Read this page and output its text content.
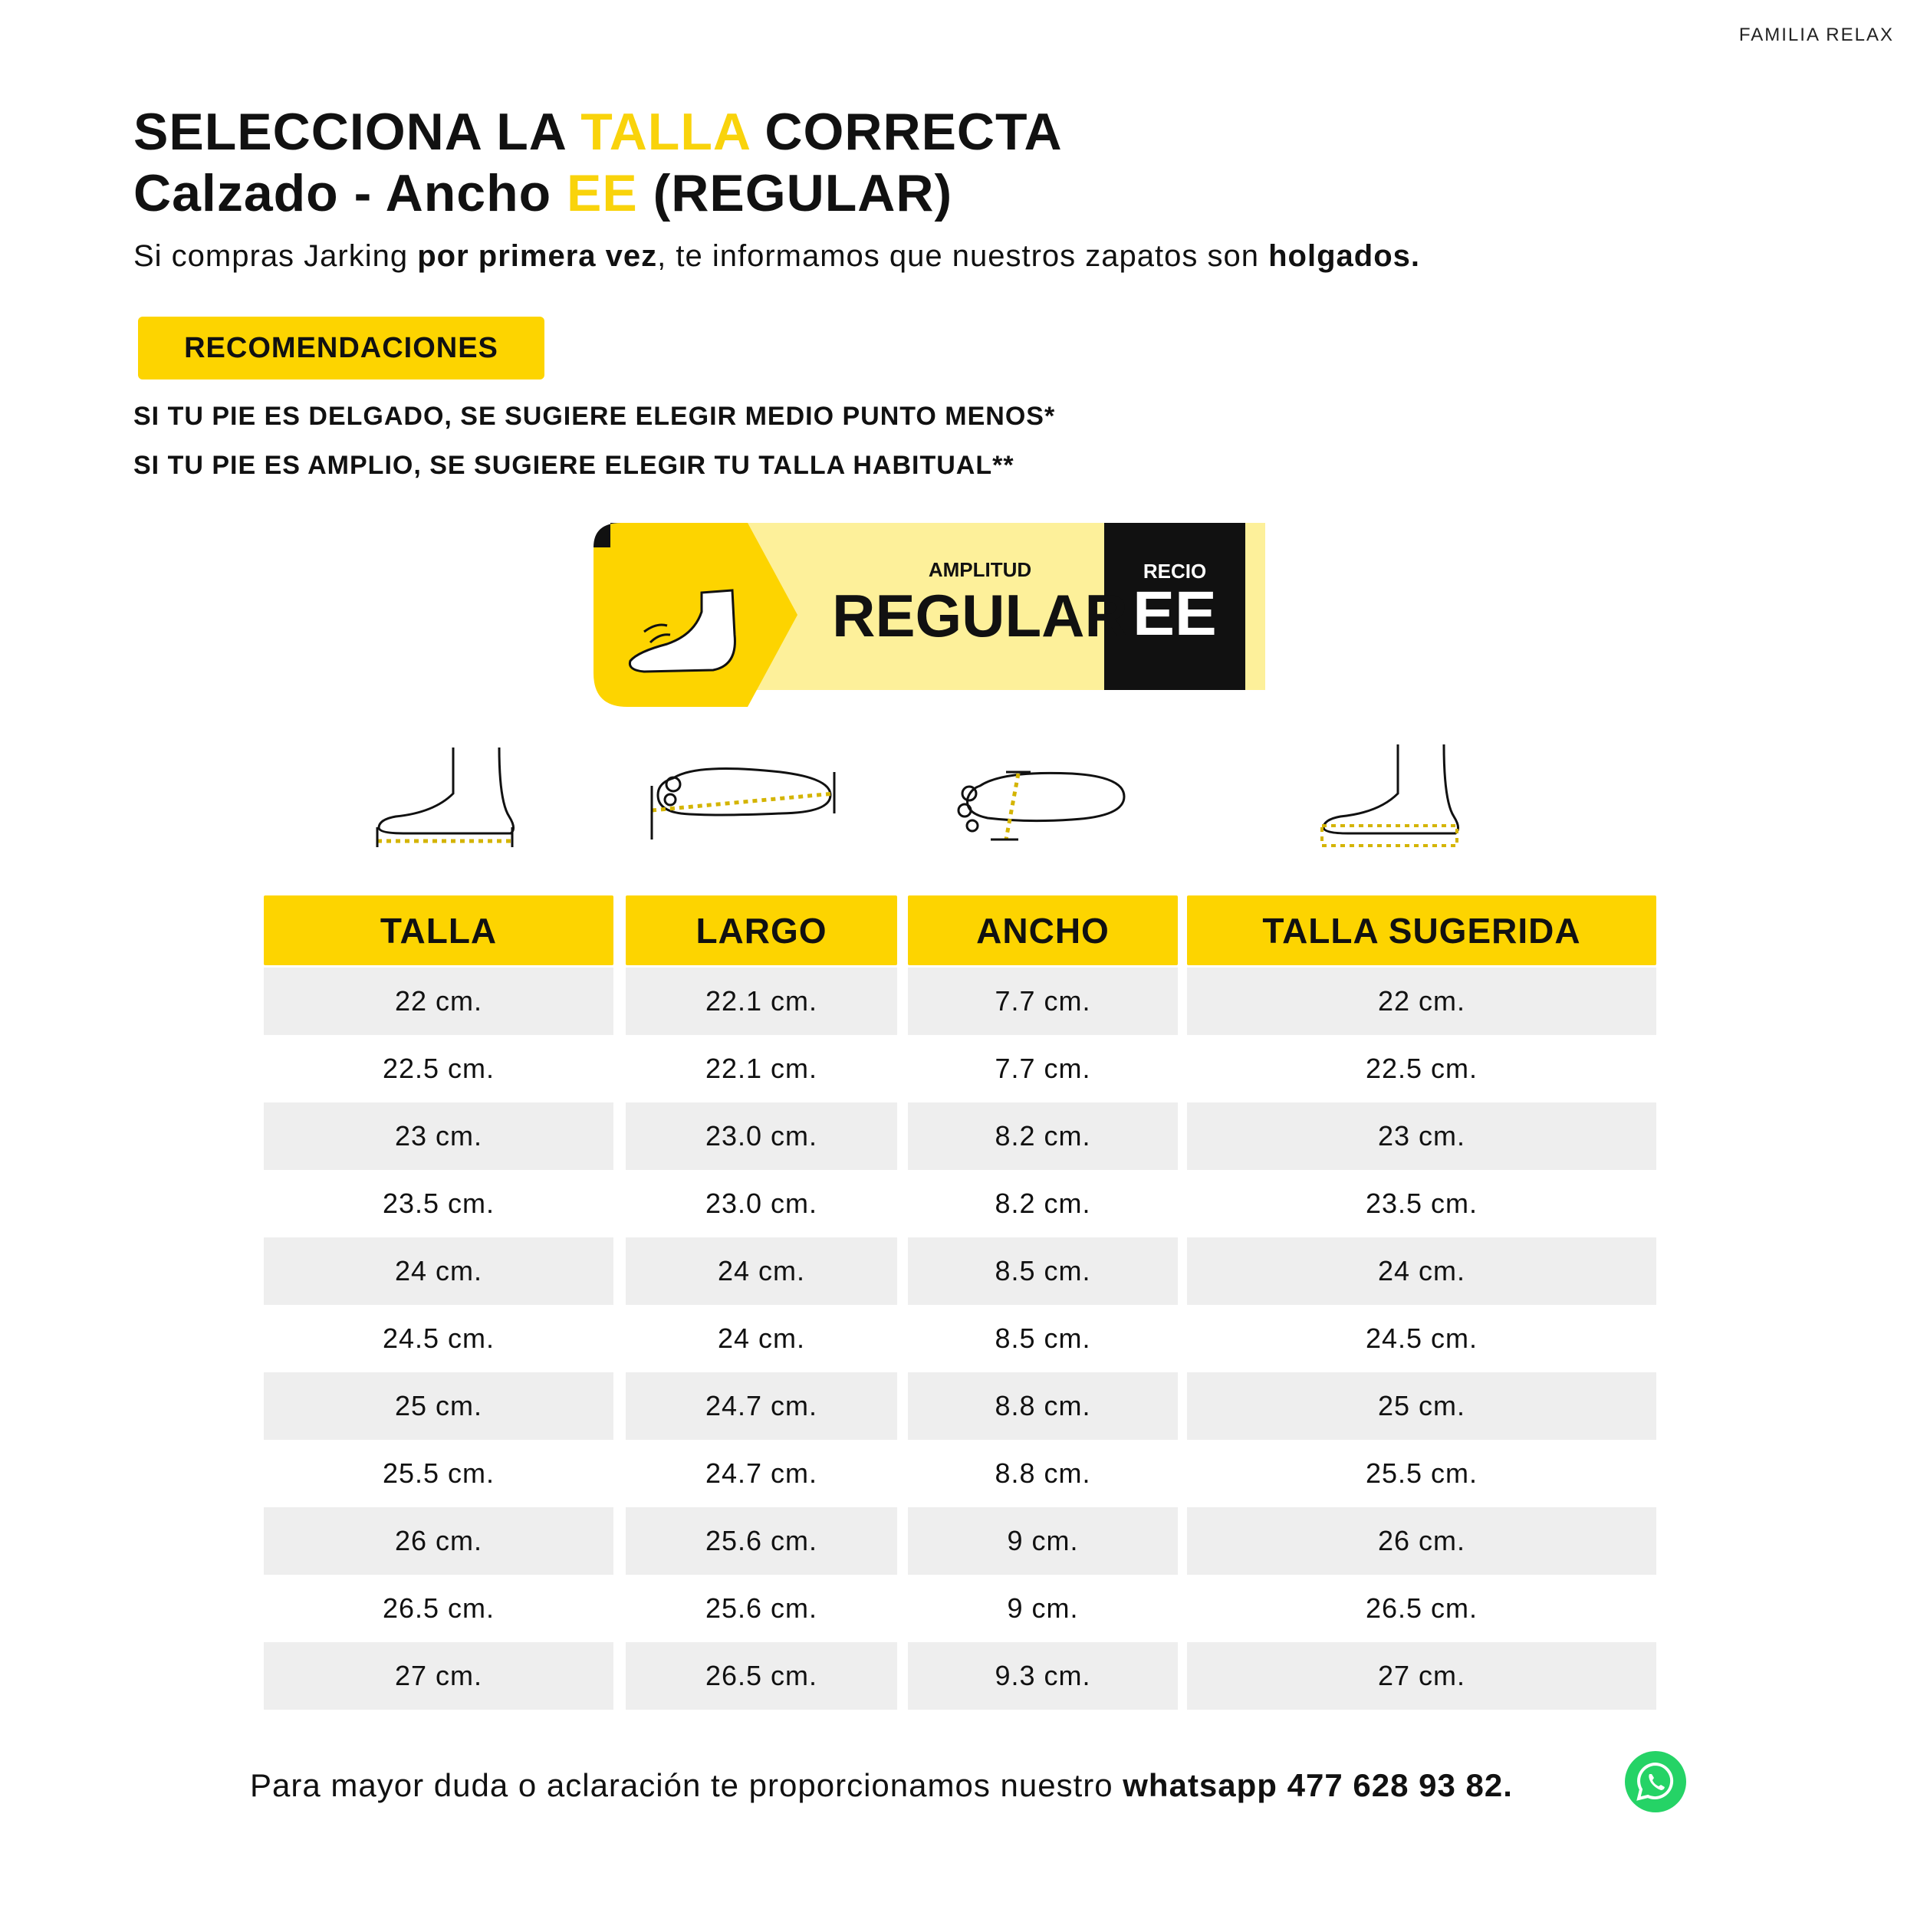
FAMILIA RELAX
SELECCIONA LA TALLA CORRECTA
Calzado - Ancho EE (REGULAR)
Si compras Jarking por primera vez, te informamos que nuestros zapatos son holgados.
RECOMENDACIONES
SI TU PIE ES DELGADO, SE SUGIERE ELEGIR MEDIO PUNTO MENOS*
SI TU PIE ES AMPLIO, SE SUGIERE ELEGIR TU TALLA HABITUAL**
AMPLITUD
REGULAR
RECIO
EE
TALLA	LARGO	ANCHO	TALLA SUGERIDA
22 cm.	22.1 cm.	7.7 cm.	22 cm.
22.5 cm.	22.1 cm.	7.7 cm.	22.5 cm.
23 cm.	23.0 cm.	8.2 cm.	23 cm.
23.5 cm.	23.0 cm.	8.2 cm.	23.5 cm.
24 cm.	24 cm.	8.5 cm.	24 cm.
24.5 cm.	24 cm.	8.5 cm.	24.5 cm.
25 cm.	24.7 cm.	8.8 cm.	25 cm.
25.5 cm.	24.7 cm.	8.8 cm.	25.5 cm.
26 cm.	25.6 cm.	9 cm.	26 cm.
26.5 cm.	25.6 cm.	9 cm.	26.5 cm.
27 cm.	26.5 cm.	9.3 cm.	27 cm.
Para mayor duda o aclaración te proporcionamos nuestro whatsapp 477 628 93 82.
